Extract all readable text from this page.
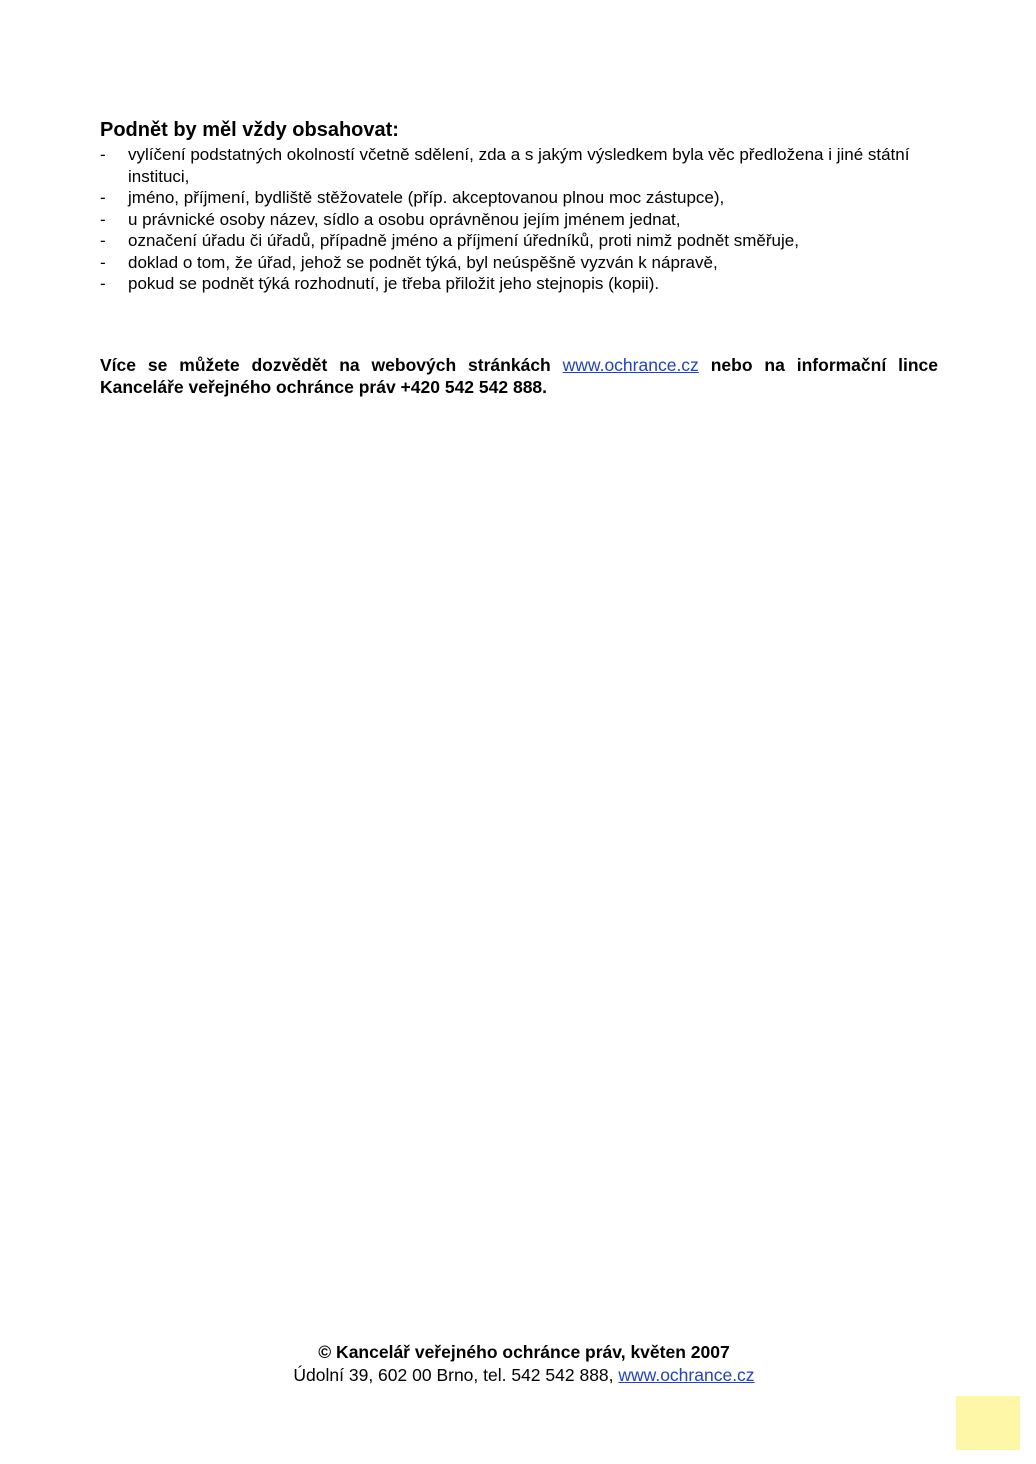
Podnět by měl vždy obsahovat:
- vylíčení podstatných okolností včetně sdělení, zda a s jakým výsledkem byla věc předložena i jiné státní instituci,
- jméno, příjmení, bydliště stěžovatele (příp. akceptovanou plnou moc zástupce),
- u právnické osoby název, sídlo a osobu oprávněnou jejím jménem jednat,
- označení úřadu či úřadů, případně jméno a příjmení úředníků, proti nimž podnět směřuje,
- doklad o tom, že úřad, jehož se podnět týká, byl neúspěšně vyzván k nápravě,
- pokud se podnět týká rozhodnutí, je třeba přiložit jeho stejnopis (kopii).

Více se můžete dozvědět na webových stránkách www.ochrance.cz nebo na informační lince Kanceláře veřejného ochránce práv +420 542 542 888.

© Kancelář veřejného ochránce práv, květen 2007
Údolní 39, 602 00 Brno, tel. 542 542 888, www.ochrance.cz
